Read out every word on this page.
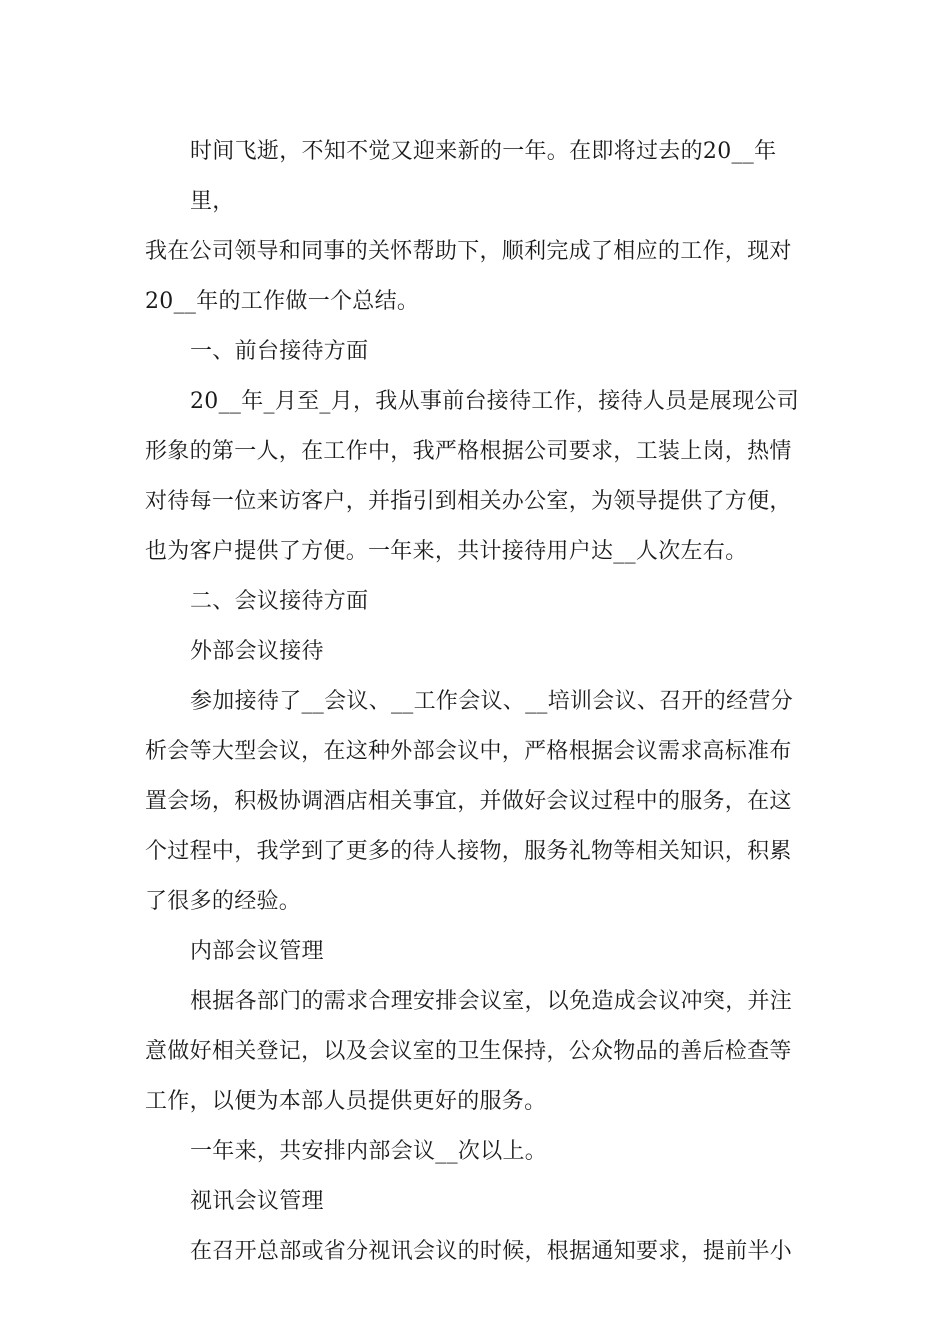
时间飞逝，不知不觉又迎来新的一年。在即将过去的20__年里，

我在公司领导和同事的关怀帮助下，顺利完成了相应的工作，现对

20__年的工作做一个总结。

一、前台接待方面

20__年_月至_月，我从事前台接待工作，接待人员是展现公司

形象的第一人，在工作中，我严格根据公司要求，工装上岗，热情

对待每一位来访客户，并指引到相关办公室，为领导提供了方便，

也为客户提供了方便。一年来，共计接待用户达__人次左右。

二、会议接待方面

外部会议接待

参加接待了__会议、__工作会议、__培训会议、召开的经营分

析会等大型会议，在这种外部会议中，严格根据会议需求高标准布

置会场，积极协调酒店相关事宜，并做好会议过程中的服务，在这

个过程中，我学到了更多的待人接物，服务礼物等相关知识，积累

了很多的经验。

内部会议管理

根据各部门的需求合理安排会议室，以免造成会议冲突，并注

意做好相关登记，以及会议室的卫生保持，公众物品的善后检查等

工作，以便为本部人员提供更好的服务。

一年来，共安排内部会议__次以上。

视讯会议管理

在召开总部或省分视讯会议的时候，根据通知要求，提前半小
